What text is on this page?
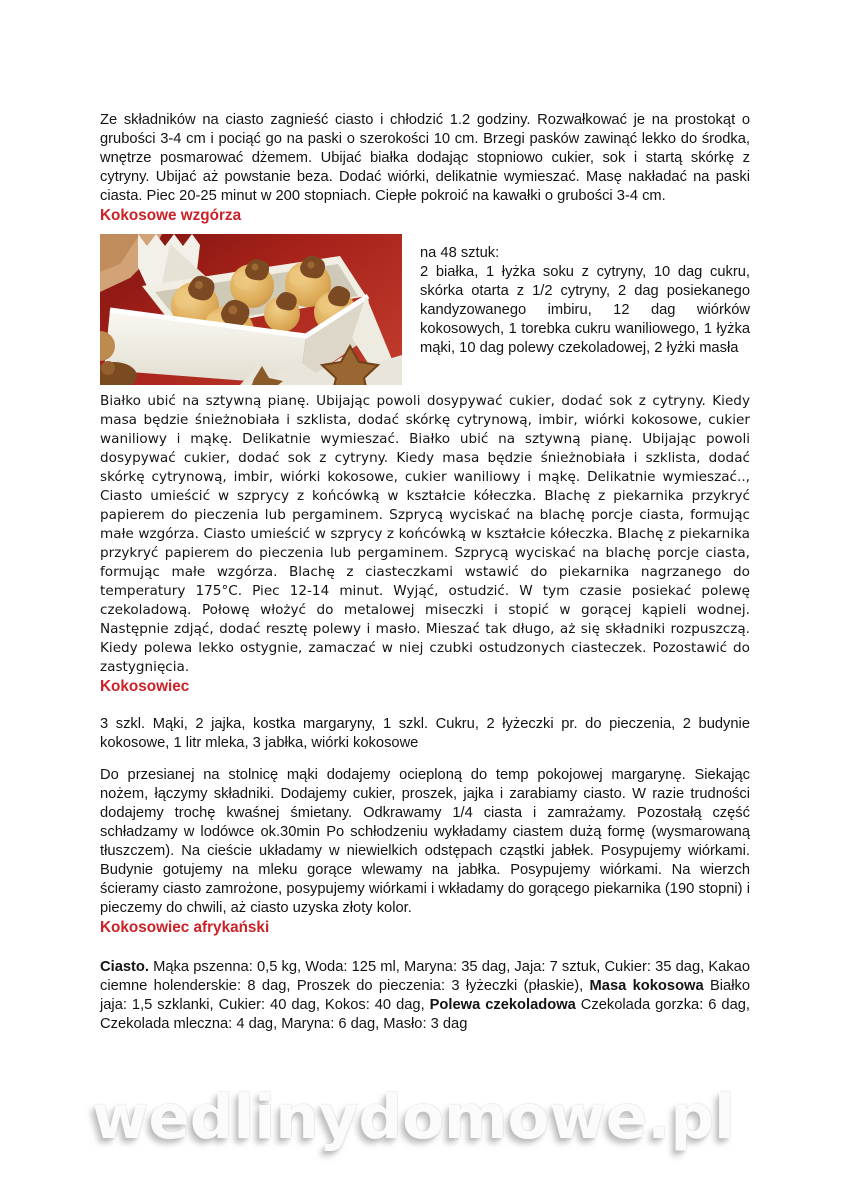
Ze składników na ciasto zagnieść ciasto i chłodzić 1.2 godziny. Rozwałkować je na prostokąt o grubości 3-4 cm i pociąć go na paski o szerokości 10 cm. Brzegi pasków zawinąć lekko do środka, wnętrze posmarować dżemem. Ubijać białka dodając stopniowo cukier, sok i startą skórkę z cytryny. Ubijać aż powstanie beza. Dodać wiórki, delikatnie wymieszać. Masę nakładać na paski ciasta. Piec 20-25 minut w 200 stopniach. Ciepłe pokroić na kawałki o grubości 3-4 cm.

Kokosowe wzgórza

na 48 sztuk:

2 białka, 1 łyżka soku z cytryny, 10 dag cukru, skórka otarta z 1/2 cytryny, 2 dag posiekanego kandyzowanego imbiru, 12 dag wiórków kokosowych, 1 torebka cukru waniliowego, 1 łyżka mąki, 10 dag polewy czekoladowej, 2 łyżki masła

Białko ubić na sztywną pianę. Ubijając powoli dosypywać cukier, dodać sok z cytryny. Kiedy masa będzie śnieżnobiała i szklista, dodać skórkę cytrynową, imbir, wiórki kokosowe, cukier waniliowy i mąkę. Delikatnie wymieszać. Białko ubić na sztywną pianę. Ubijając powoli dosypywać cukier, dodać sok z cytryny. Kiedy masa będzie śnieżnobiała i szklista, dodać skórkę cytrynową, imbir, wiórki kokosowe, cukier waniliowy i mąkę. Delikatnie wymieszać.., Ciasto umieścić w szprycy z końcówką w kształcie kółeczka. Blachę z piekarnika przykryć papierem do pieczenia lub pergaminem. Szprycą wyciskać na blachę porcje ciasta, formując małe wzgórza. Ciasto umieścić w szprycy z końcówką w kształcie kółeczka. Blachę z piekarnika przykryć papierem do pieczenia lub pergaminem. Szprycą wyciskać na blachę porcje ciasta, formując małe wzgórza. Blachę z ciasteczkami wstawić do piekarnika nagrzanego do temperatury 175°C. Piec 12-14 minut. Wyjąć, ostudzić. W tym czasie posiekać polewę czekoladową. Połowę włożyć do metalowej miseczki i stopić w gorącej kąpieli wodnej. Następnie zdjąć, dodać resztę polewy i masło. Mieszać tak długo, aż się składniki rozpuszczą. Kiedy polewa lekko ostygnie, zamaczać w niej czubki ostudzonych ciasteczek. Pozostawić do zastygnięcia.

Kokosowiec

3 szkl. Mąki, 2 jajka, kostka margaryny, 1 szkl. Cukru, 2 łyżeczki pr. do pieczenia, 2 budynie kokosowe, 1 litr mleka, 3 jabłka, wiórki kokosowe

Do przesianej na stolnicę mąki dodajemy ocieploną do temp pokojowej margarynę. Siekając nożem, łączymy składniki. Dodajemy cukier, proszek, jajka i zarabiamy ciasto. W razie trudności dodajemy trochę kwaśnej śmietany. Odkrawamy 1/4 ciasta i zamrażamy. Pozostałą część schładzamy w lodówce ok.30min Po schłodzeniu wykładamy ciastem dużą formę (wysmarowaną tłuszczem). Na cieście układamy w niewielkich odstępach cząstki jabłek. Posypujemy wiórkami. Budynie gotujemy na mleku gorące wlewamy na jabłka. Posypujemy wiórkami. Na wierzch ścieramy ciasto zamrożone, posypujemy wiórkami i wkładamy do gorącego piekarnika (190 stopni) i pieczemy do chwili, aż ciasto uzyska złoty kolor.

Kokosowiec afrykański

Ciasto. Mąka pszenna: 0,5 kg, Woda: 125 ml, Maryna: 35 dag, Jaja: 7 sztuk, Cukier: 35 dag, Kakao ciemne holenderskie: 8 dag, Proszek do pieczenia: 3 łyżeczki (płaskie), Masa kokosowa Białko jaja: 1,5 szklanki, Cukier: 40 dag, Kokos: 40 dag, Polewa czekoladowa Czekolada gorzka: 6 dag, Czekolada mleczna: 4 dag, Maryna: 6 dag, Masło: 3 dag

wedlinydomowe.pl
